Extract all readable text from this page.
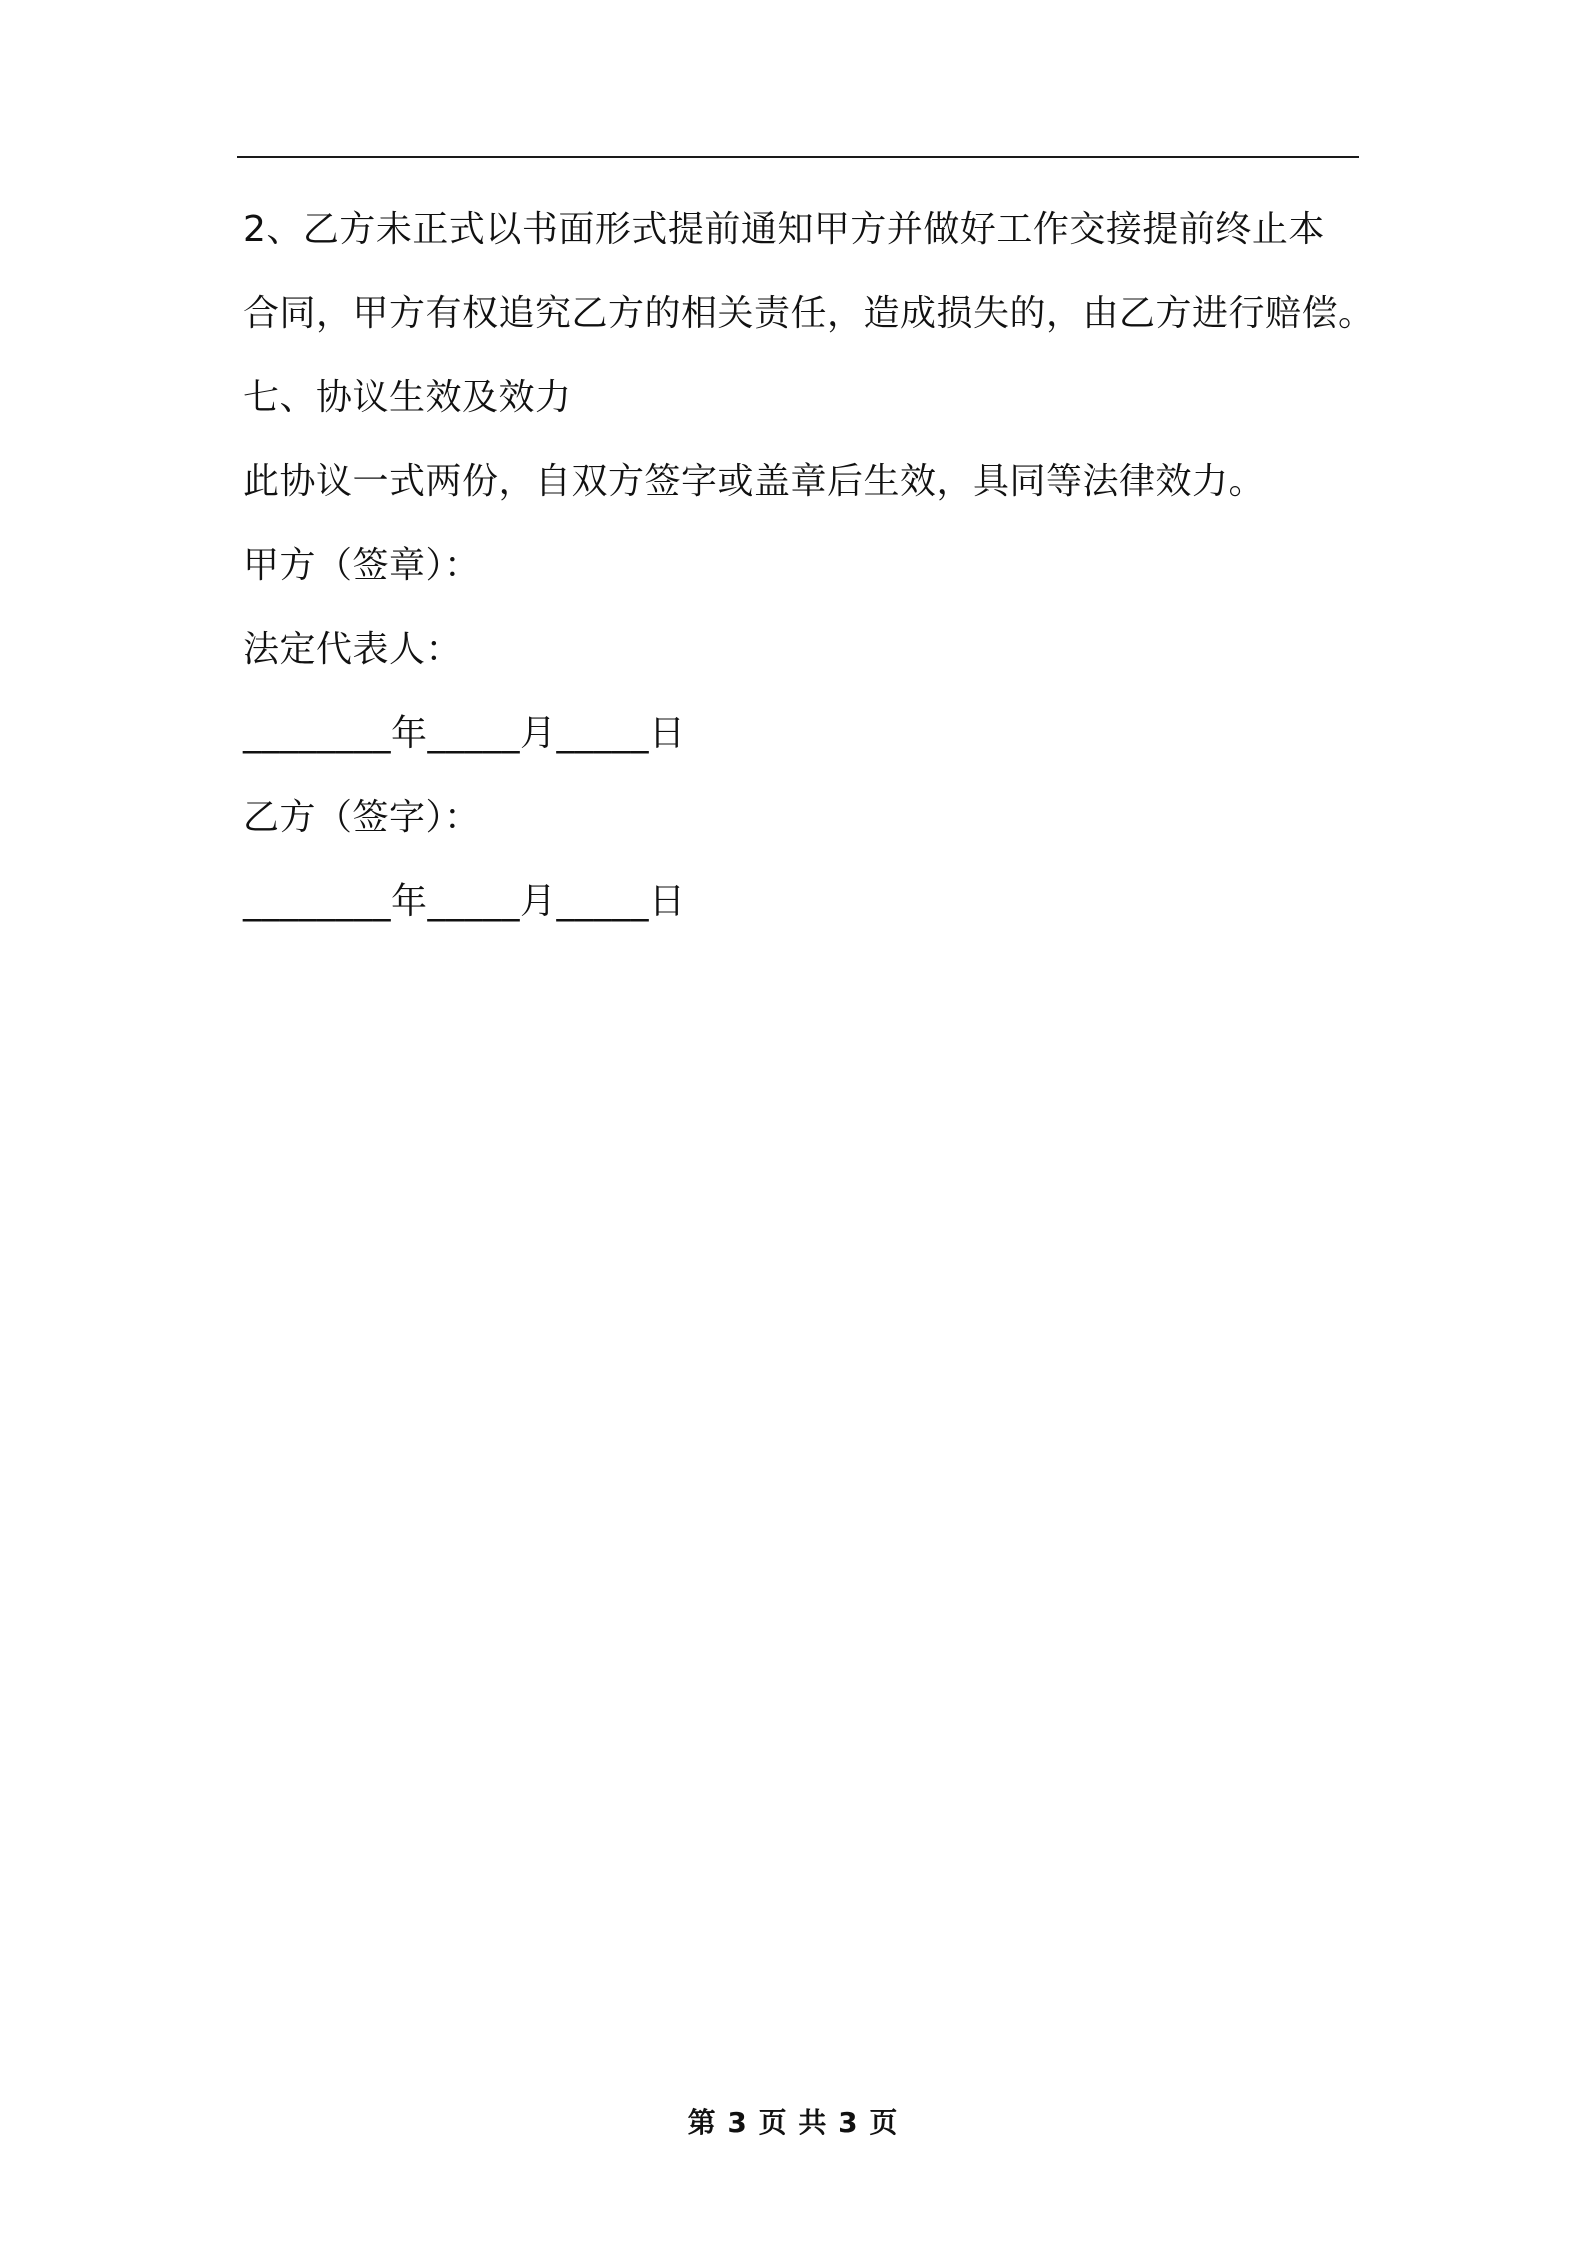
2、乙方未正式以书面形式提前通知甲方并做好工作交接提前终止本
合同，甲方有权追究乙方的相关责任，造成损失的，由乙方进行赔偿。
七、协议生效及效力
此协议一式两份，自双方签字或盖章后生效，具同等法律效力。
甲方（签章）：
法定代表人：
________年_____月_____日
乙方（签字）：
________年_____月_____日
第 3 页 共 3 页
